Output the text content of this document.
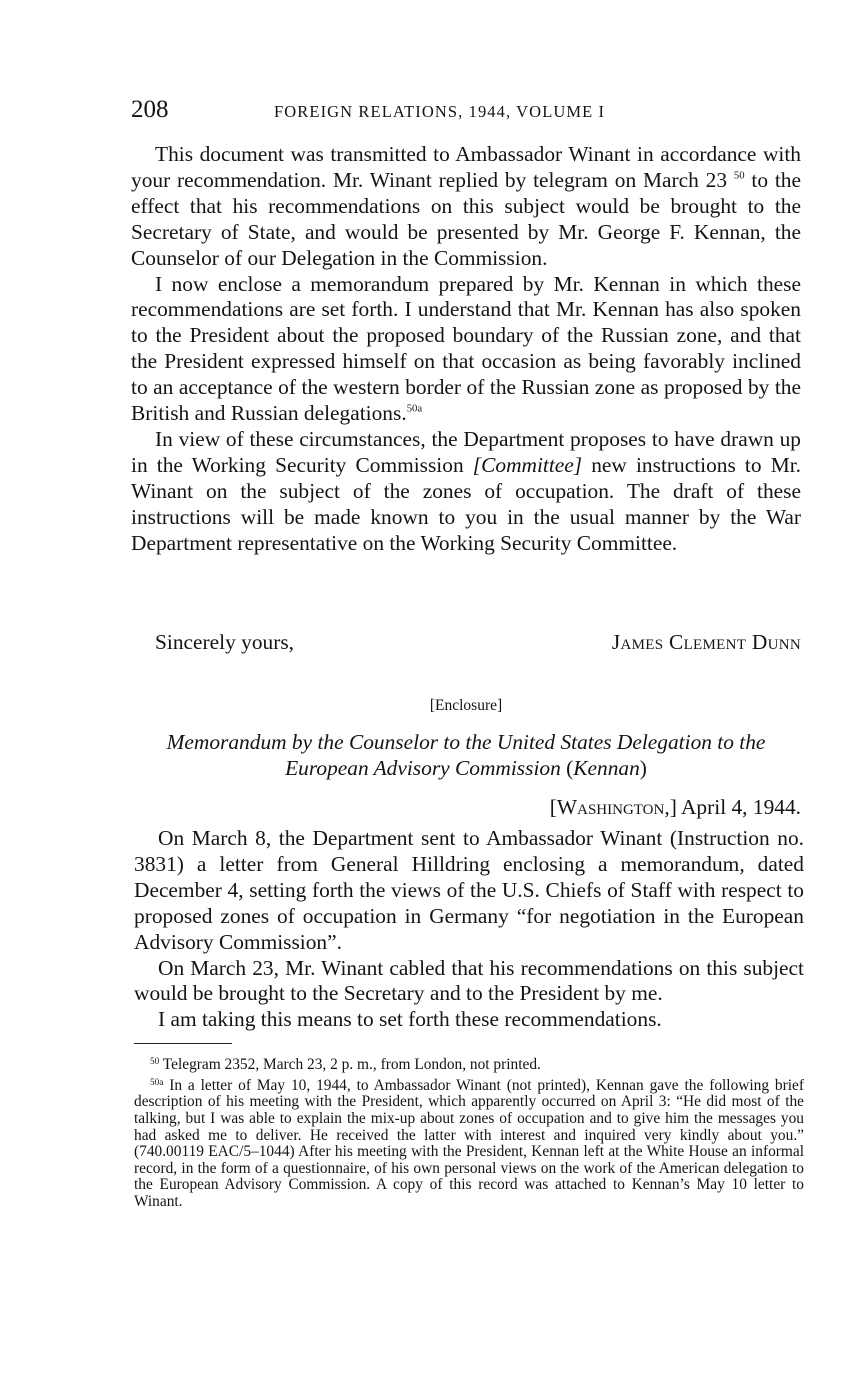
208	FOREIGN RELATIONS, 1944, VOLUME I

This document was transmitted to Ambassador Winant in accordance with your recommendation. Mr. Winant replied by telegram on March 23 $^{50}$ to the effect that his recommendations on this subject would be brought to the Secretary of State, and would be presented by Mr. George F. Kennan, the Counselor of our Delegation in the Commission.

I now enclose a memorandum prepared by Mr. Kennan in which these recommendations are set forth. I understand that Mr. Kennan has also spoken to the President about the proposed boundary of the Russian zone, and that the President expressed himself on that occasion as being favorably inclined to an acceptance of the western border of the Russian zone as proposed by the British and Russian delegations.$^{50a}$

In view of these circumstances, the Department proposes to have drawn up in the Working Security Commission [Committee] new instructions to Mr. Winant on the subject of the zones of occupation. The draft of these instructions will be made known to you in the usual manner by the War Department representative on the Working Security Committee.

Sincerely yours,	James Clement Dunn
[Enclosure]
Memorandum by the Counselor to the United States Delegation to the European Advisory Commission (Kennan)
[Washington,] April 4, 1944.

On March 8, the Department sent to Ambassador Winant (Instruction no. 3831) a letter from General Hilldring enclosing a memorandum, dated December 4, setting forth the views of the U.S. Chiefs of Staff with respect to proposed zones of occupation in Germany “for negotiation in the European Advisory Commission”.

On March 23, Mr. Winant cabled that his recommendations on this subject would be brought to the Secretary and to the President by me.

I am taking this means to set forth these recommendations.

$^{50}$ Telegram 2352, March 23, 2 p. m., from London, not printed.

$^{50a}$ In a letter of May 10, 1944, to Ambassador Winant (not printed), Kennan gave the following brief description of his meeting with the President, which apparently occurred on April 3: “He did most of the talking, but I was able to explain the mix-up about zones of occupation and to give him the messages you had asked me to deliver. He received the latter with interest and inquired very kindly about you.” (740.00119 EAC/5–1044) After his meeting with the President, Kennan left at the White House an informal record, in the form of a questionnaire, of his own personal views on the work of the American delegation to the European Advisory Commission. A copy of this record was attached to Kennan’s May 10 letter to Winant.
